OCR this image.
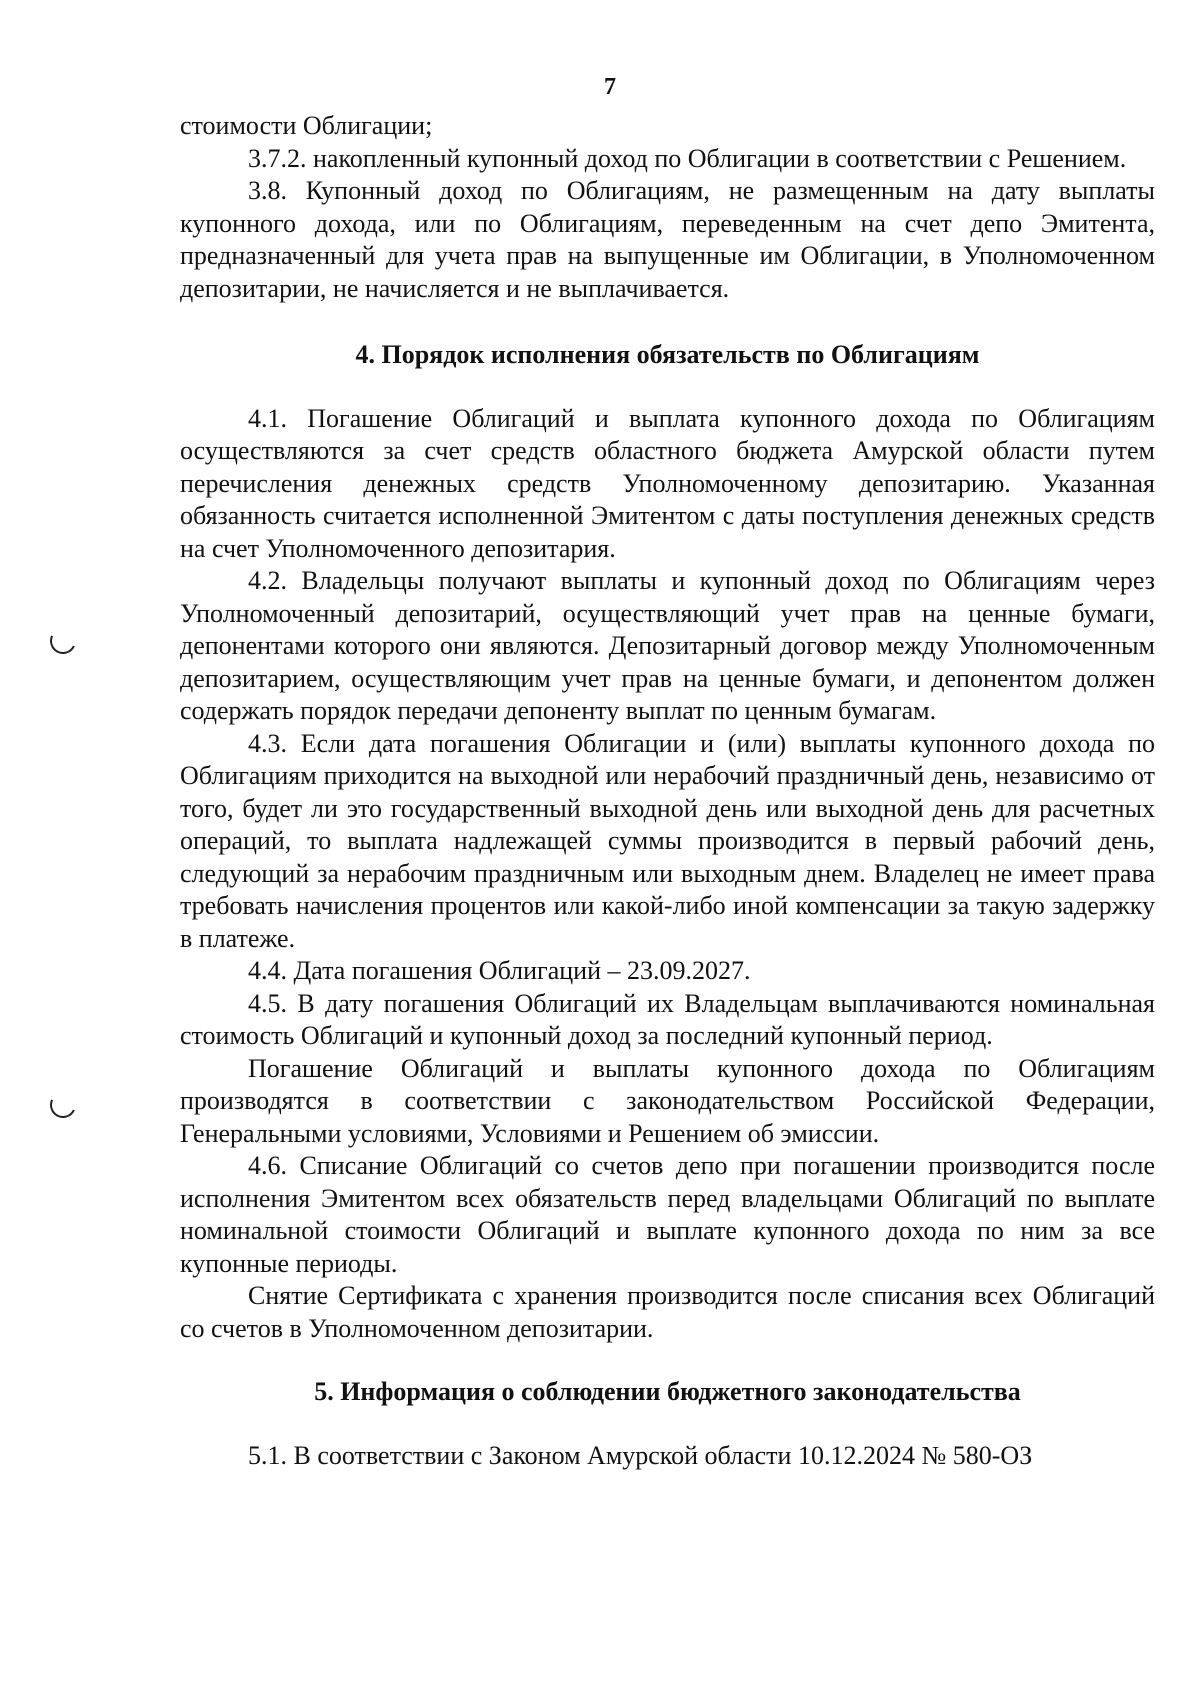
7

стоимости Облигации;

3.7.2. накопленный купонный доход по Облигации в соответствии с Решением.

3.8. Купонный доход по Облигациям, не размещенным на дату выплаты купонного дохода, или по Облигациям, переведенным на счет депо Эмитента, предназначенный для учета прав на выпущенные им Облигации, в Уполномоченном депозитарии, не начисляется и не выплачивается.

4. Порядок исполнения обязательств по Облигациям

4.1. Погашение Облигаций и выплата купонного дохода по Облигациям осуществляются за счет средств областного бюджета Амурской области путем перечисления денежных средств Уполномоченному депозитарию. Указанная обязанность считается исполненной Эмитентом с даты поступления денежных средств на счет Уполномоченного депозитария.

4.2. Владельцы получают выплаты и купонный доход по Облигациям через Уполномоченный депозитарий, осуществляющий учет прав на ценные бумаги, депонентами которого они являются. Депозитарный договор между Уполномоченным депозитарием, осуществляющим учет прав на ценные бумаги, и депонентом должен содержать порядок передачи депоненту выплат по ценным бумагам.

4.3. Если дата погашения Облигации и (или) выплаты купонного дохода по Облигациям приходится на выходной или нерабочий праздничный день, независимо от того, будет ли это государственный выходной день или выходной день для расчетных операций, то выплата надлежащей суммы производится в первый рабочий день, следующий за нерабочим праздничным или выходным днем. Владелец не имеет права требовать начисления процентов или какой-либо иной компенсации за такую задержку в платеже.

4.4. Дата погашения Облигаций – 23.09.2027.

4.5. В дату погашения Облигаций их Владельцам выплачиваются номинальная стоимость Облигаций и купонный доход за последний купонный период.

Погашение Облигаций и выплаты купонного дохода по Облигациям производятся в соответствии с законодательством Российской Федерации, Генеральными условиями, Условиями и Решением об эмиссии.

4.6. Списание Облигаций со счетов депо при погашении производится после исполнения Эмитентом всех обязательств перед владельцами Облигаций по выплате номинальной стоимости Облигаций и выплате купонного дохода по ним за все купонные периоды.

Снятие Сертификата с хранения производится после списания всех Облигаций со счетов в Уполномоченном депозитарии.

5. Информация о соблюдении бюджетного законодательства

5.1. В соответствии с Законом Амурской области 10.12.2024 № 580-ОЗ
